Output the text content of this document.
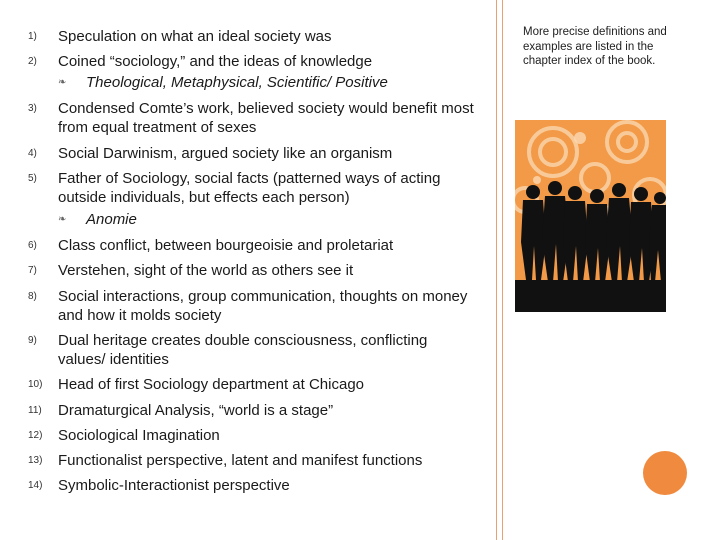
1)	Speculation on what an ideal society was
2)	Coined “sociology,” and the ideas of knowledge
❧ Theological, Metaphysical, Scientific/ Positive
3)	Condensed Comte’s work, believed society would benefit most from equal treatment of sexes
4)	Social Darwinism, argued society like an organism
5)	Father of Sociology, social facts (patterned ways of acting outside individuals, but effects each person)
❧ Anomie
6)	Class conflict, between bourgeoisie and proletariat
7)	Verstehen, sight of the world as others see it
8)	Social interactions, group communication, thoughts on money and how it molds society
9)	Dual heritage creates double consciousness, conflicting values/ identities
10)	Head of first Sociology department at Chicago
11)	Dramaturgical Analysis, “world is a stage”
12)	Sociological Imagination
13)	Functionalist perspective, latent and manifest functions
14)	Symbolic-Interactionist perspective
More precise definitions and examples are listed in the chapter index of the book.
